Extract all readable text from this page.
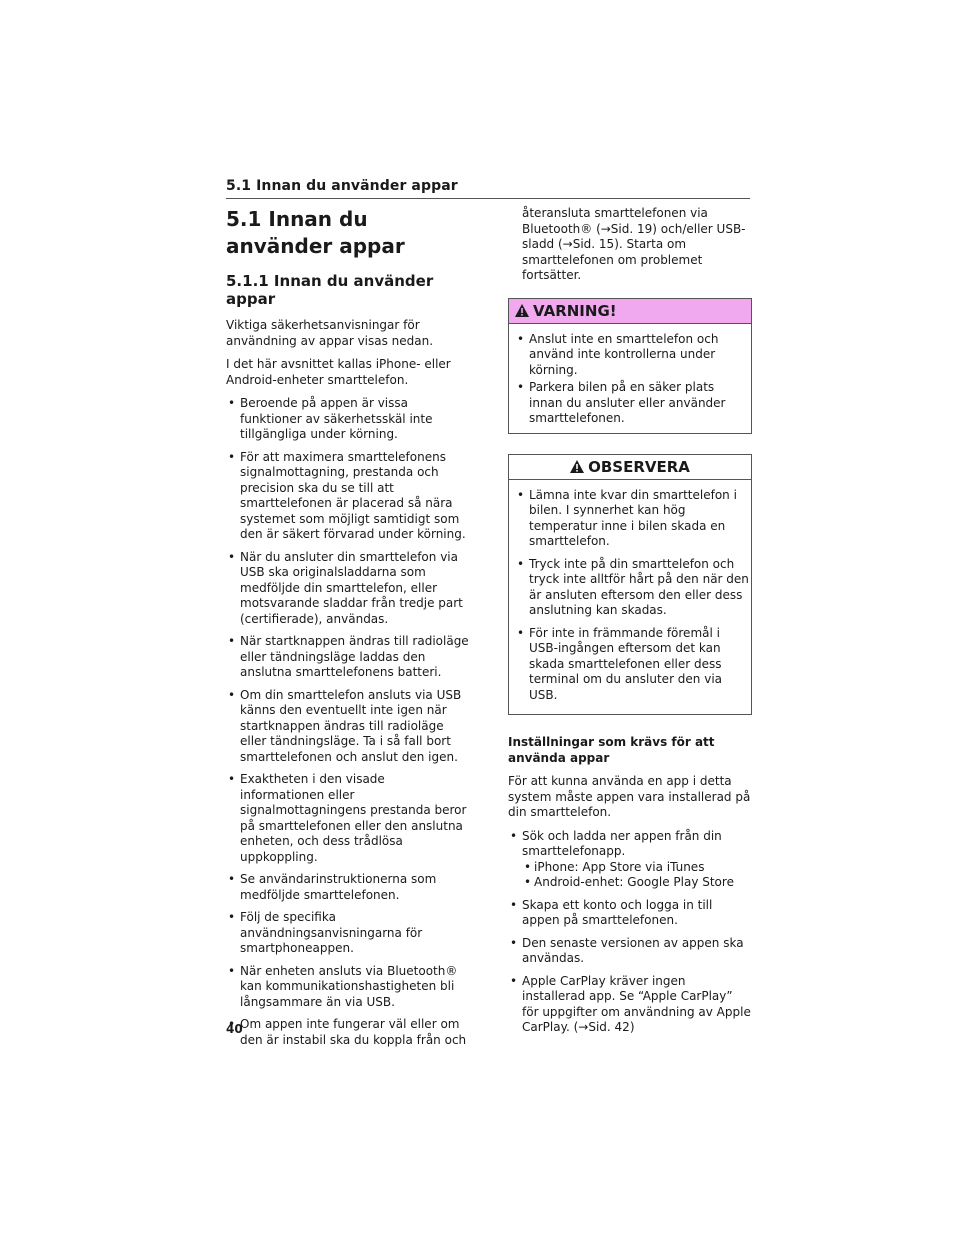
5.1 Innan du använder appar
5.1 Innan du använder appar
5.1.1 Innan du använder appar

Viktiga säkerhetsanvisningar för användning av appar visas nedan.

I det här avsnittet kallas iPhone- eller Android-enheter smarttelefon.

• Beroende på appen är vissa funktioner av säkerhetsskäl inte tillgängliga under körning.
• För att maximera smarttelefonens signalmottagning, prestanda och precision ska du se till att smarttelefonen är placerad så nära systemet som möjligt samtidigt som den är säkert förvarad under körning.
• När du ansluter din smarttelefon via USB ska originalsladdarna som medföljde din smarttelefon, eller motsvarande sladdar från tredje part (certifierade), användas.
• När startknappen ändras till radioläge eller tändningsläge laddas den anslutna smarttelefonens batteri.
• Om din smarttelefon ansluts via USB känns den eventuellt inte igen när startknappen ändras till radioläge eller tändningsläge. Ta i så fall bort smarttelefonen och anslut den igen.
• Exaktheten i den visade informationen eller signalmottagningens prestanda beror på smarttelefonen eller den anslutna enheten, och dess trådlösa uppkoppling.
• Se användarinstruktionerna som medföljde smarttelefonen.
• Följ de specifika användningsanvisningarna för smartphoneappen.
• När enheten ansluts via Bluetooth® kan kommunikationshastigheten bli långsammare än via USB.
• Om appen inte fungerar väl eller om den är instabil ska du koppla från och

återansluta smarttelefonen via Bluetooth® (→Sid. 19) och/eller USB-sladd (→Sid. 15). Starta om smarttelefonen om problemet fortsätter.

VARNING!
• Anslut inte en smarttelefon och använd inte kontrollerna under körning.
• Parkera bilen på en säker plats innan du ansluter eller använder smarttelefonen.
OBSERVERA
• Lämna inte kvar din smarttelefon i bilen. I synnerhet kan hög temperatur inne i bilen skada en smarttelefon.
• Tryck inte på din smarttelefon och tryck inte alltför hårt på den när den är ansluten eftersom den eller dess anslutning kan skadas.
• För inte in främmande föremål i USB-ingången eftersom det kan skada smarttelefonen eller dess terminal om du ansluter den via USB.
Inställningar som krävs för att använda appar

För att kunna använda en app i detta system måste appen vara installerad på din smarttelefon.

• Sök och ladda ner appen från din smarttelefonapp.
• iPhone: App Store via iTunes
• Android-enhet: Google Play Store
• Skapa ett konto och logga in till appen på smarttelefonen.
• Den senaste versionen av appen ska användas.
• Apple CarPlay kräver ingen installerad app. Se “Apple CarPlay” för uppgifter om användning av Apple CarPlay. (→Sid. 42)
40
